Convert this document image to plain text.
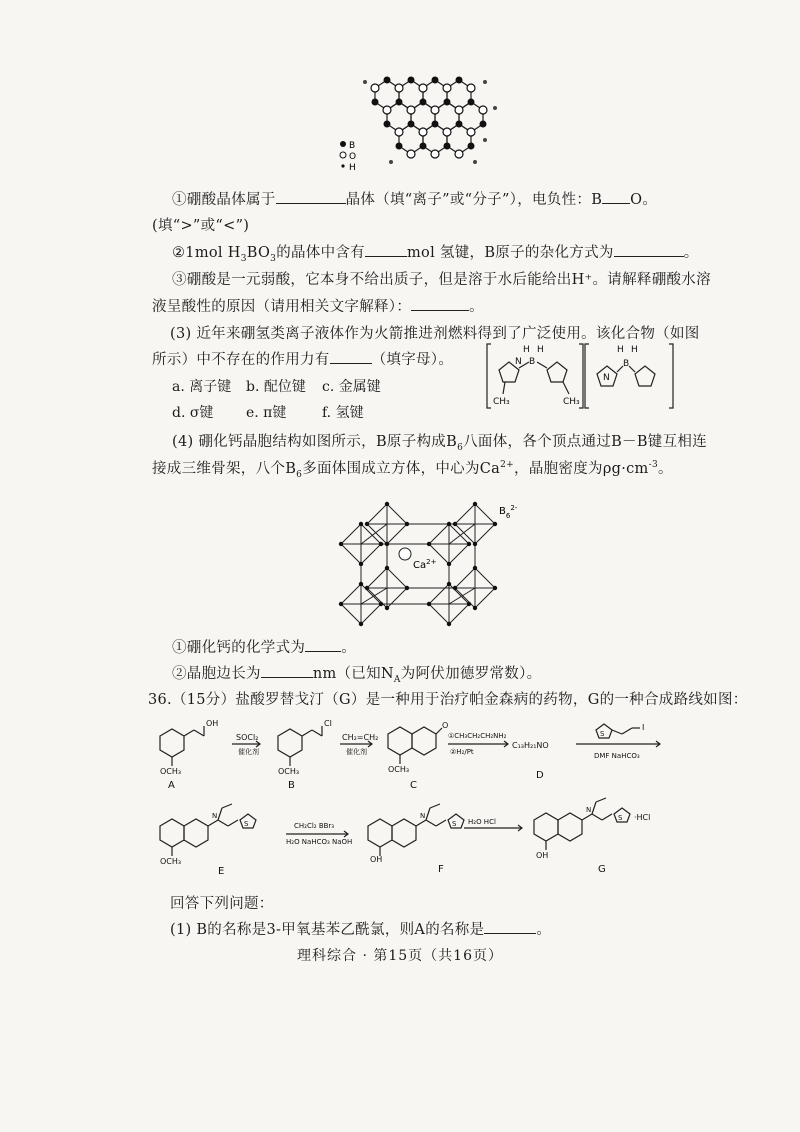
B
O
H
①硼酸晶体属于	晶体（填“离子”或“分子”），电负性：B O。
(填“>”或“<”)
②1mol $H_3BO_3$的晶体中含有	mol 氢键，B原子的杂化方式为	。
③硼酸是一元弱酸，它本身不给出质子，但是溶于水后能给出H⁺。请解释硼酸水溶
液呈酸性的原因（请用相关文字解释）：	。
(3) 近年来硼氢类离子液体作为火箭推进剂燃料得到了广泛使用。该化合物（如图
所示）中不存在的作用力有	（填字母）。
a. 离子键 b. 配位键 c. 金属键
d. σ键 e. π键	f. 氢键
H H
B
N
CH₃	CH₃
H H
B
N
(4) 硼化钙晶胞结构如图所示，B原子构成$B_6$八面体，各个顶点通过B－B键互相连
接成三维骨架，八个$B_6$多面体围成立方体，中心为$Ca^{2+}$，晶胞密度为$\rho g\cdot cm^{-3}$。
$Ca^{2+}$
$B_6^{2-}$
①硼化钙的化学式为 。
②晶胞边长为	nm（已知$N_A$为阿伏加德罗常数）。
36.（15分）盐酸罗替戈汀（G）是一种用于治疗帕金森病的药物，G的一种合成路线如图：
OH
OCH₃
A
SOCl₂
催化剂
Cl
OCH₃
B
CH₂=CH₂
催化剂
O
OCH₃
C
①CH₃CH₂CH₂NH₂
②H₂/Pt
C₁₃H₂₁NO
D
S
I
DMF NaHCO₃
N
S
OCH₃
E
CH₂Cl₂ BBr₃
H₂O NaHCO₃ NaOH
N
S
OH
F
H₂O HCl
N
S ·HCl
OH
G
回答下列问题：
(1) B的名称是3-甲氧基苯乙酰氯，则A的名称是	。
理科综合 · 第15页（共16页）
